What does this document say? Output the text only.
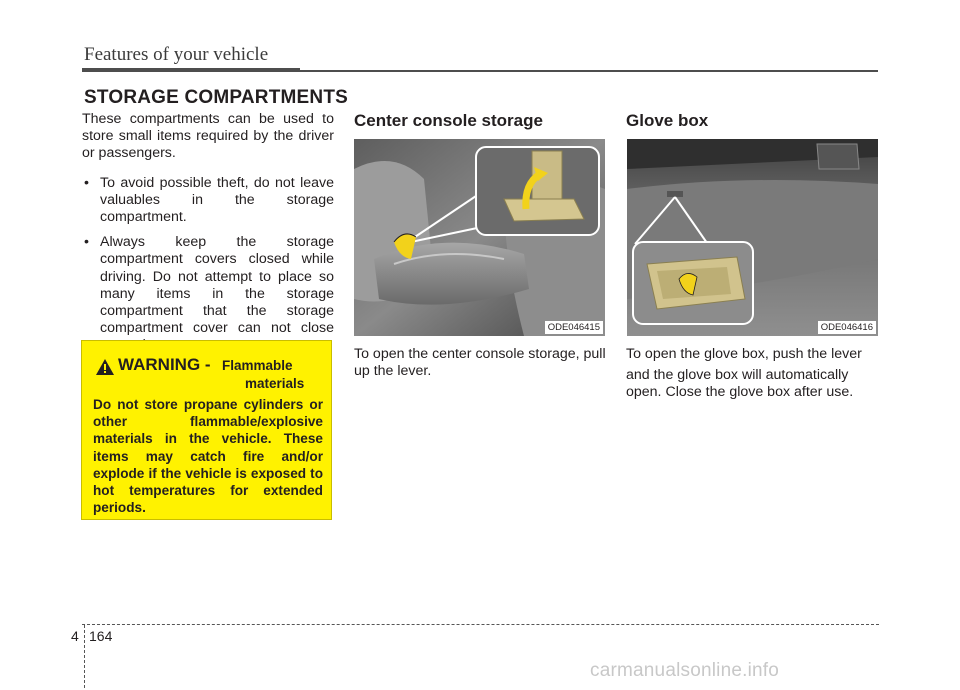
Features of your vehicle
STORAGE COMPARTMENTS

These compartments can be used to store small items required by the driver or passengers.

• To avoid possible theft, do not leave valuables in the storage compartment.
• Always keep the storage compartment covers closed while driving. Do not attempt to place so many items in the storage compartment that the storage compartment cover can not close
WARNING - Flammable
materials
Do not store propane cylinders or other flammable/explosive materials in the vehicle. These items may catch fire and/or explode if the vehicle is exposed to hot temperatures for extended periods.
Center console storage
ODE046415
To open the center console storage, pull up the lever.
Glove box
ODE046416

To open the glove box, push the lever

and the glove box will automatically open. Close the glove box after use.

4 164
carmanualsonline.info
